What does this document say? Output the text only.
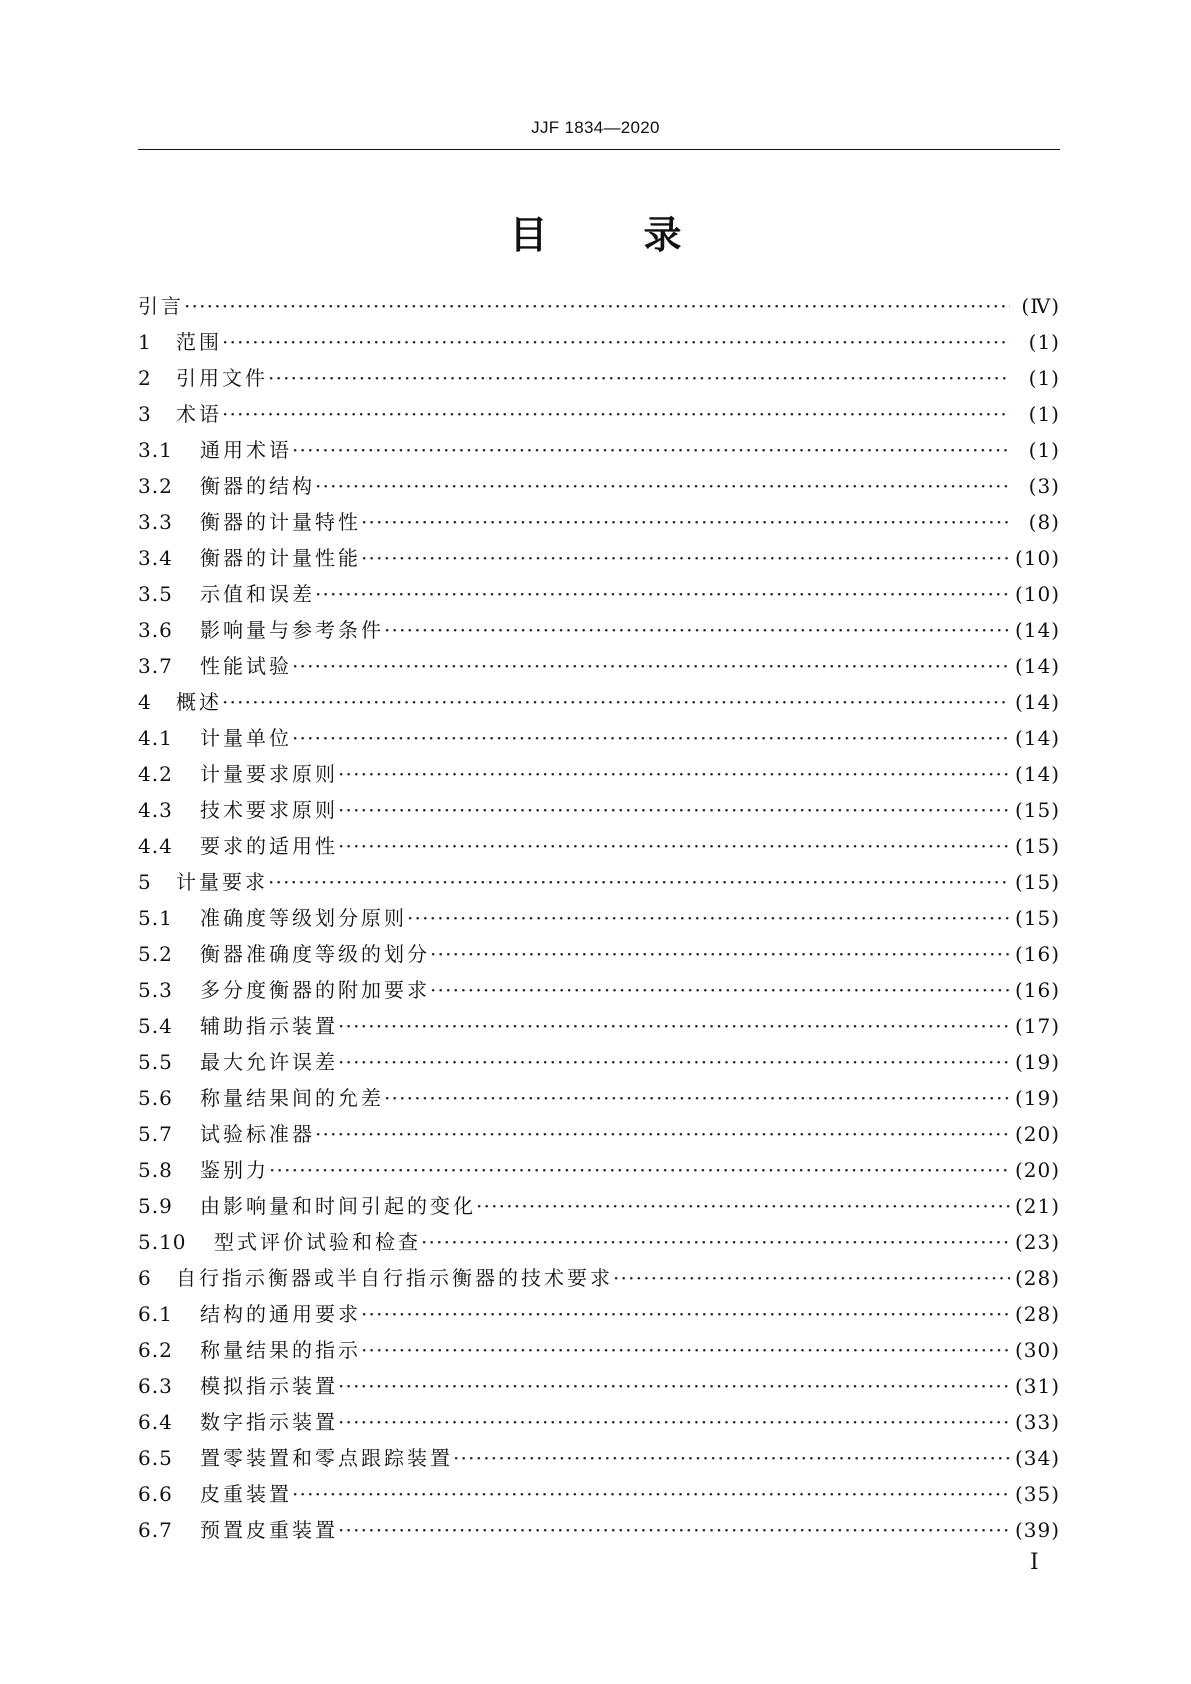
JJF 1834—2020
目	录
引言 ·····	(Ⅳ)
1	范围 ·····	(1)
2	引用文件 ·····	(1)
3	术语 ·····	(1)
3.1	通用术语 ·····	(1)
3.2	衡器的结构 ·····	(3)
3.3	衡器的计量特性 ·····	(8)
3.4	衡器的计量性能 ·····	(10)
3.5	示值和误差 ·····	(10)
3.6	影响量与参考条件 ·····	(14)
3.7	性能试验 ·····	(14)
4	概述 ·····	(14)
4.1	计量单位 ·····	(14)
4.2	计量要求原则 ·····	(14)
4.3	技术要求原则 ·····	(15)
4.4	要求的适用性 ·····	(15)
5	计量要求 ·····	(15)
5.1	准确度等级划分原则 ·····	(15)
5.2	衡器准确度等级的划分 ·····	(16)
5.3	多分度衡器的附加要求 ·····	(16)
5.4	辅助指示装置 ·····	(17)
5.5	最大允许误差 ·····	(19)
5.6	称量结果间的允差 ·····	(19)
5.7	试验标准器 ·····	(20)
5.8	鉴别力 ·····	(20)
5.9	由影响量和时间引起的变化 ·····	(21)
5.10	型式评价试验和检查 ·····	(23)
6	自行指示衡器或半自行指示衡器的技术要求 ·····	(28)
6.1	结构的通用要求 ·····	(28)
6.2	称量结果的指示 ·····	(30)
6.3	模拟指示装置 ·····	(31)
6.4	数字指示装置 ·····	(33)
6.5	置零装置和零点跟踪装置 ·····	(34)
6.6	皮重装置 ·····	(35)
6.7	预置皮重装置 ·····	(39)
Ⅰ
